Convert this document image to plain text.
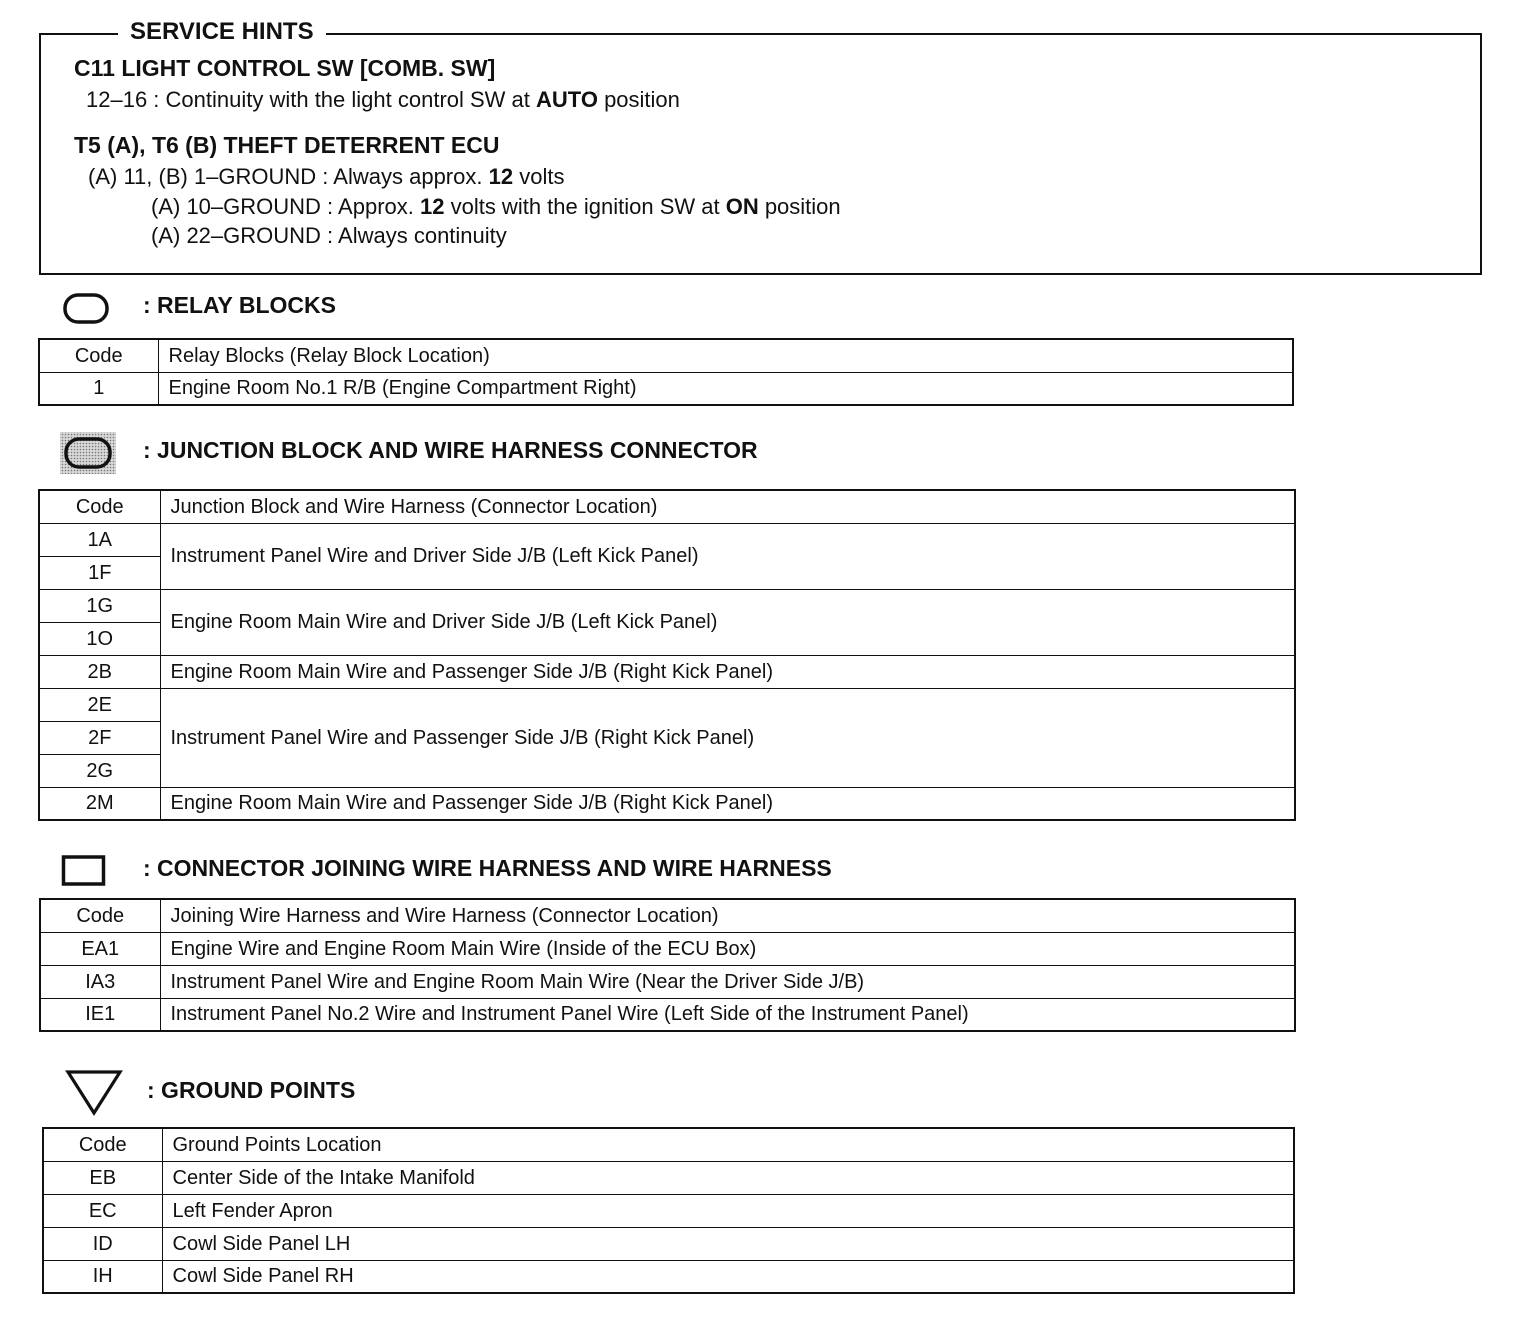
SERVICE HINTS
C11 LIGHT CONTROL SW [COMB. SW]
12–16 : Continuity with the light control SW at AUTO position
T5 (A), T6 (B) THEFT DETERRENT ECU
(A) 11, (B) 1–GROUND : Always approx. 12 volts
(A) 10–GROUND : Approx. 12 volts with the ignition SW at ON position
(A) 22–GROUND : Always continuity
: RELAY BLOCKS
Code	Relay Blocks (Relay Block Location)
1	Engine Room No.1 R/B (Engine Compartment Right)
: JUNCTION BLOCK AND WIRE HARNESS CONNECTOR
Code	Junction Block and Wire Harness (Connector Location)
1A	Instrument Panel Wire and Driver Side J/B (Left Kick Panel)
1F	
1G	Engine Room Main Wire and Driver Side J/B (Left Kick Panel)
1O	
2B	Engine Room Main Wire and Passenger Side J/B (Right Kick Panel)
2E	Instrument Panel Wire and Passenger Side J/B (Right Kick Panel)
2F	
2G	
2M	Engine Room Main Wire and Passenger Side J/B (Right Kick Panel)
: CONNECTOR JOINING WIRE HARNESS AND WIRE HARNESS
Code	Joining Wire Harness and Wire Harness (Connector Location)
EA1	Engine Wire and Engine Room Main Wire (Inside of the ECU Box)
IA3	Instrument Panel Wire and Engine Room Main Wire (Near the Driver Side J/B)
IE1	Instrument Panel No.2 Wire and Instrument Panel Wire (Left Side of the Instrument Panel)
: GROUND POINTS
Code	Ground Points Location
EB	Center Side of the Intake Manifold
EC	Left Fender Apron
ID	Cowl Side Panel LH
IH	Cowl Side Panel RH
